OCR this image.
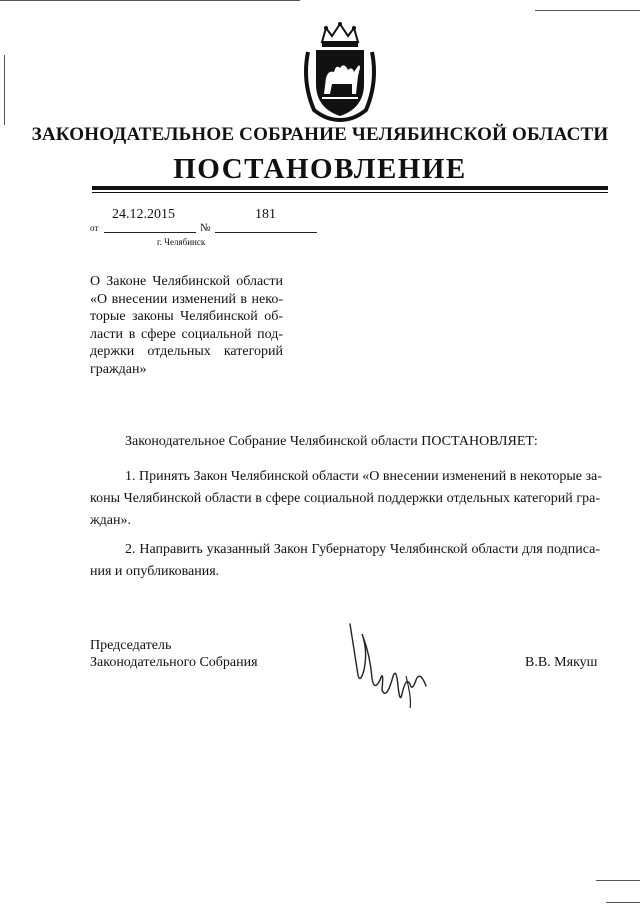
ЗАКОНОДАТЕЛЬНОЕ СОБРАНИЕ ЧЕЛЯБИНСКОЙ ОБЛАСТИ
ПОСТАНОВЛЕНИЕ
от
24.12.2015
№
181
г. Челябинск
О Законе Челябинской области
«О внесении изменений в неко-
торые законы Челябинской об-
ласти в сфере социальной под-
держки отдельных категорий
граждан»
Законодательное Собрание Челябинской области ПОСТАНОВЛЯЕТ:
1. Принять Закон Челябинской области «О внесении изменений в некоторые за-
коны Челябинской области в сфере социальной поддержки отдельных категорий гра-
ждан».
2. Направить указанный Закон Губернатору Челябинской области для подписа-
ния и опубликования.
Председатель
Законодательного Собрания	В.В. Мякуш
